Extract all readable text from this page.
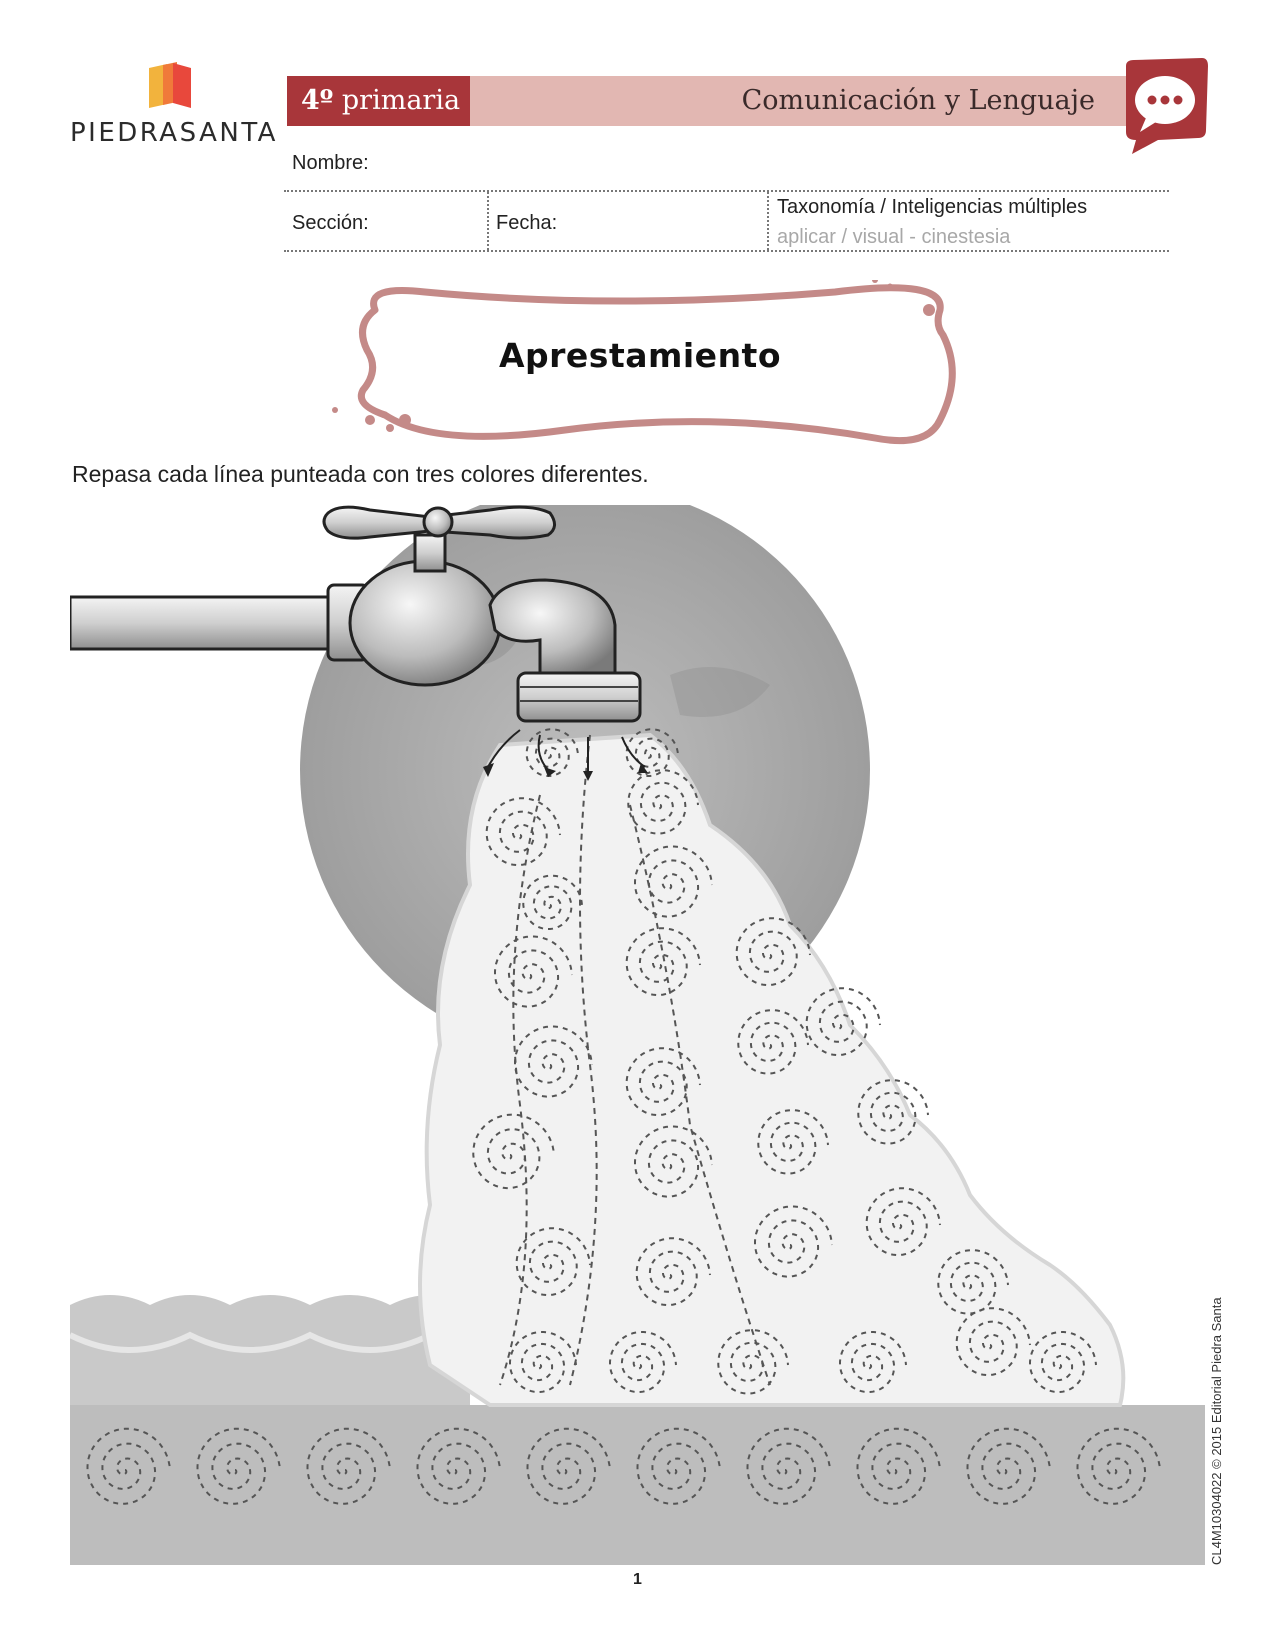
PIEDRASANTA
4º primaria	Comunicación y Lenguaje
Nombre:
Sección:	Fecha:
Taxonomía / Inteligencias múltiples
aplicar / visual - cinestesia
Aprestamiento
Repasa cada línea punteada con tres colores diferentes.
1
CL4M10304022 © 2015 Editorial Piedra Santa
